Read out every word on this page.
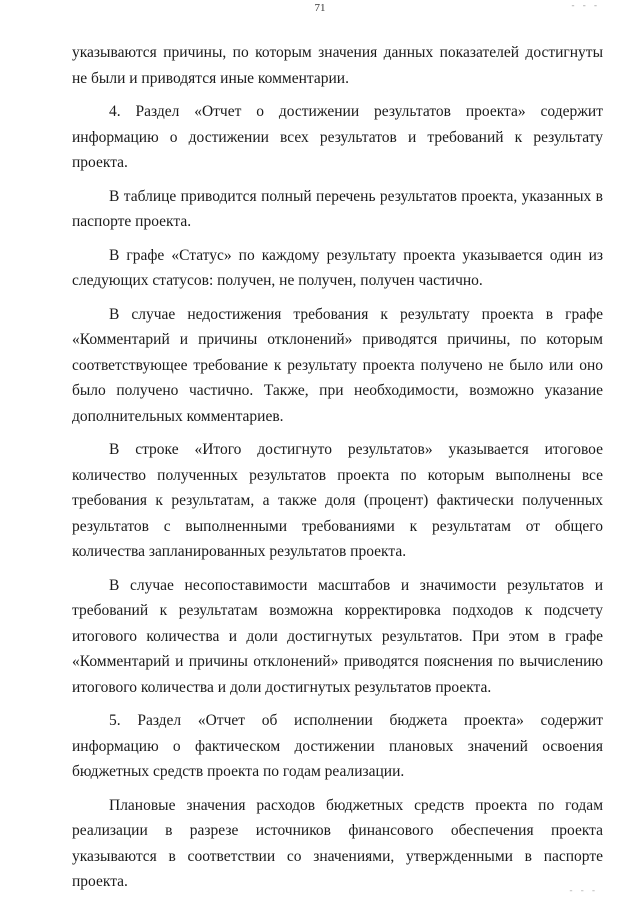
- - -
71

указываются причины, по которым значения данных показателей достигнуты не были и приводятся иные комментарии.

4. Раздел «Отчет о достижении результатов проекта» содержит информацию о достижении всех результатов и требований к результату проекта.

В таблице приводится полный перечень результатов проекта, указанных в паспорте проекта.

В графе «Статус» по каждому результату проекта указывается один из следующих статусов: получен, не получен, получен частично.

В случае недостижения требования к результату проекта в графе «Комментарий и причины отклонений» приводятся причины, по которым соответствующее требование к результату проекта получено не было или оно было получено частично. Также, при необходимости, возможно указание дополнительных комментариев.

В строке «Итого достигнуто результатов» указывается итоговое количество полученных результатов проекта по которым выполнены все требования к результатам, а также доля (процент) фактически полученных результатов с выполненными требованиями к результатам от общего количества запланированных результатов проекта.

В случае несопоставимости масштабов и значимости результатов и требований к результатам возможна корректировка подходов к подсчету итогового количества и доли достигнутых результатов. При этом в графе «Комментарий и причины отклонений» приводятся пояснения по вычислению итогового количества и доли достигнутых результатов проекта.

5. Раздел «Отчет об исполнении бюджета проекта» содержит информацию о фактическом достижении плановых значений освоения бюджетных средств проекта по годам реализации.

Плановые значения расходов бюджетных средств проекта по годам реализации в разрезе источников финансового обеспечения проекта указываются в соответствии со значениями, утвержденными в паспорте проекта.	- - -
